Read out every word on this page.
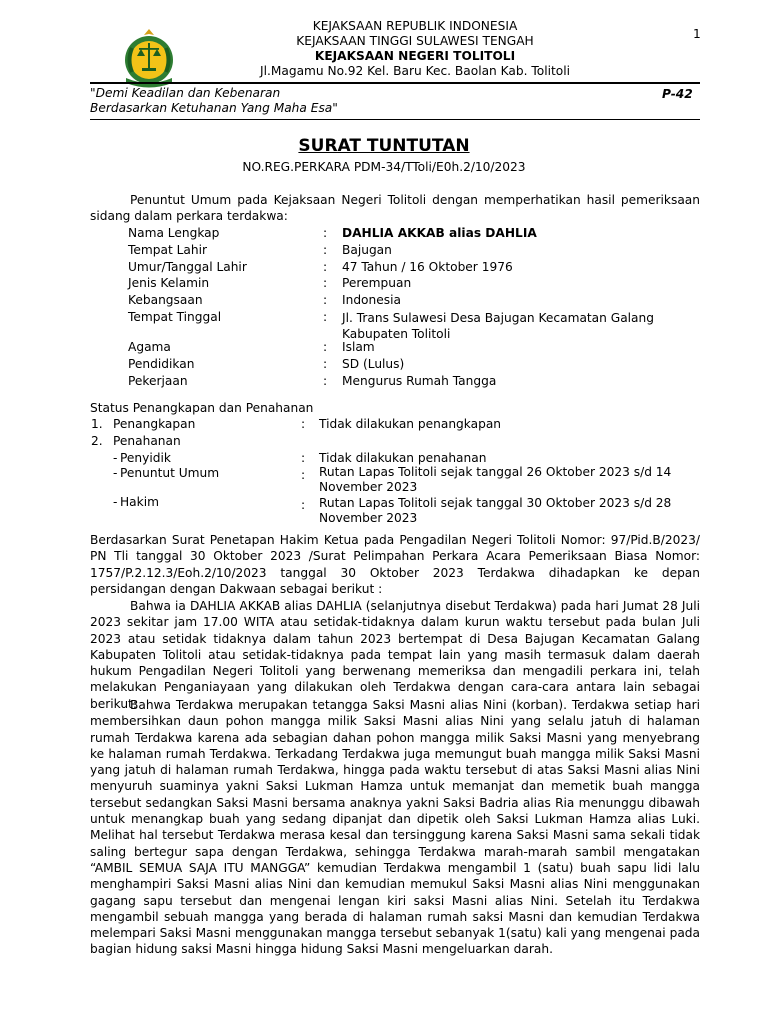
KEJAKSAAN REPUBLIK INDONESIA
KEJAKSAAN TINGGI SULAWESI TENGAH
KEJAKSAAN NEGERI TOLITOLI
Jl.Magamu No.92 Kel. Baru Kec. Baolan Kab. Tolitoli
1
"Demi Keadilan dan Kebenaran
Berdasarkan Ketuhanan Yang Maha Esa"
P-42
SURAT TUNTUTAN
NO.REG.PERKARA PDM-34/TToli/E0h.2/10/2023

Penuntut Umum pada Kejaksaan Negeri Tolitoli dengan memperhatikan hasil pemeriksaan sidang dalam perkara terdakwa:

Nama Lengkap	: DAHLIA AKKAB alias DAHLIA
Tempat Lahir	: Bajugan
Umur/Tanggal Lahir	: 47 Tahun / 16 Oktober 1976
Jenis Kelamin	: Perempuan
Kebangsaan	: Indonesia
Tempat Tinggal	: Jl. Trans Sulawesi Desa Bajugan Kecamatan Galang Kabupaten Tolitoli
Agama	: Islam
Pendidikan	: SD (Lulus)
Pekerjaan	: Mengurus Rumah Tangga
Status Penangkapan dan Penahanan
1. Penangkapan	: Tidak dilakukan penangkapan
2. Penahanan
- Penyidik	: Tidak dilakukan penahanan
- Penuntut Umum	: Rutan Lapas Tolitoli sejak tanggal 26 Oktober 2023 s/d 14 November 2023
- Hakim	: Rutan Lapas Tolitoli sejak tanggal 30 Oktober 2023 s/d 28 November 2023

Berdasarkan Surat Penetapan Hakim Ketua pada Pengadilan Negeri Tolitoli Nomor: 97/Pid.B/2023/ PN Tli tanggal 30 Oktober 2023 /Surat Pelimpahan Perkara Acara Pemeriksaan Biasa Nomor: 1757/P.2.12.3/Eoh.2/10/2023 tanggal 30 Oktober 2023 Terdakwa dihadapkan ke depan persidangan dengan Dakwaan sebagai berikut :

Bahwa ia DAHLIA AKKAB alias DAHLIA (selanjutnya disebut Terdakwa) pada hari Jumat 28 Juli 2023 sekitar jam 17.00 WITA atau setidak-tidaknya dalam kurun waktu tersebut pada bulan Juli 2023 atau setidak tidaknya dalam tahun 2023 bertempat di Desa Bajugan Kecamatan Galang Kabupaten Tolitoli atau setidak-tidaknya pada tempat lain yang masih termasuk dalam daerah hukum Pengadilan Negeri Tolitoli yang berwenang memeriksa dan mengadili perkara ini, telah melakukan Penganiayaan yang dilakukan oleh Terdakwa dengan cara-cara antara lain sebagai berikut:

Bahwa Terdakwa merupakan tetangga Saksi Masni alias Nini (korban). Terdakwa setiap hari membersihkan daun pohon mangga milik Saksi Masni alias Nini yang selalu jatuh di halaman rumah Terdakwa karena ada sebagian dahan pohon mangga milik Saksi Masni yang menyebrang ke halaman rumah Terdakwa. Terkadang Terdakwa juga memungut buah mangga milik Saksi Masni yang jatuh di halaman rumah Terdakwa, hingga pada waktu tersebut di atas Saksi Masni alias Nini menyuruh suaminya yakni Saksi Lukman Hamza untuk memanjat dan memetik buah mangga tersebut sedangkan Saksi Masni bersama anaknya yakni Saksi Badria alias Ria menunggu dibawah untuk menangkap buah yang sedang dipanjat dan dipetik oleh Saksi Lukman Hamza alias Luki. Melihat hal tersebut Terdakwa merasa kesal dan tersinggung karena Saksi Masni sama sekali tidak saling bertegur sapa dengan Terdakwa, sehingga Terdakwa marah-marah sambil mengatakan “AMBIL SEMUA SAJA ITU MANGGA” kemudian Terdakwa mengambil 1 (satu) buah sapu lidi lalu menghampiri Saksi Masni alias Nini dan kemudian memukul Saksi Masni alias Nini menggunakan gagang sapu tersebut dan mengenai lengan kiri saksi Masni alias Nini. Setelah itu Terdakwa mengambil sebuah mangga yang berada di halaman rumah saksi Masni dan kemudian Terdakwa melempari Saksi Masni menggunakan mangga tersebut sebanyak 1(satu) kali yang mengenai pada bagian hidung saksi Masni hingga hidung Saksi Masni mengeluarkan darah.
